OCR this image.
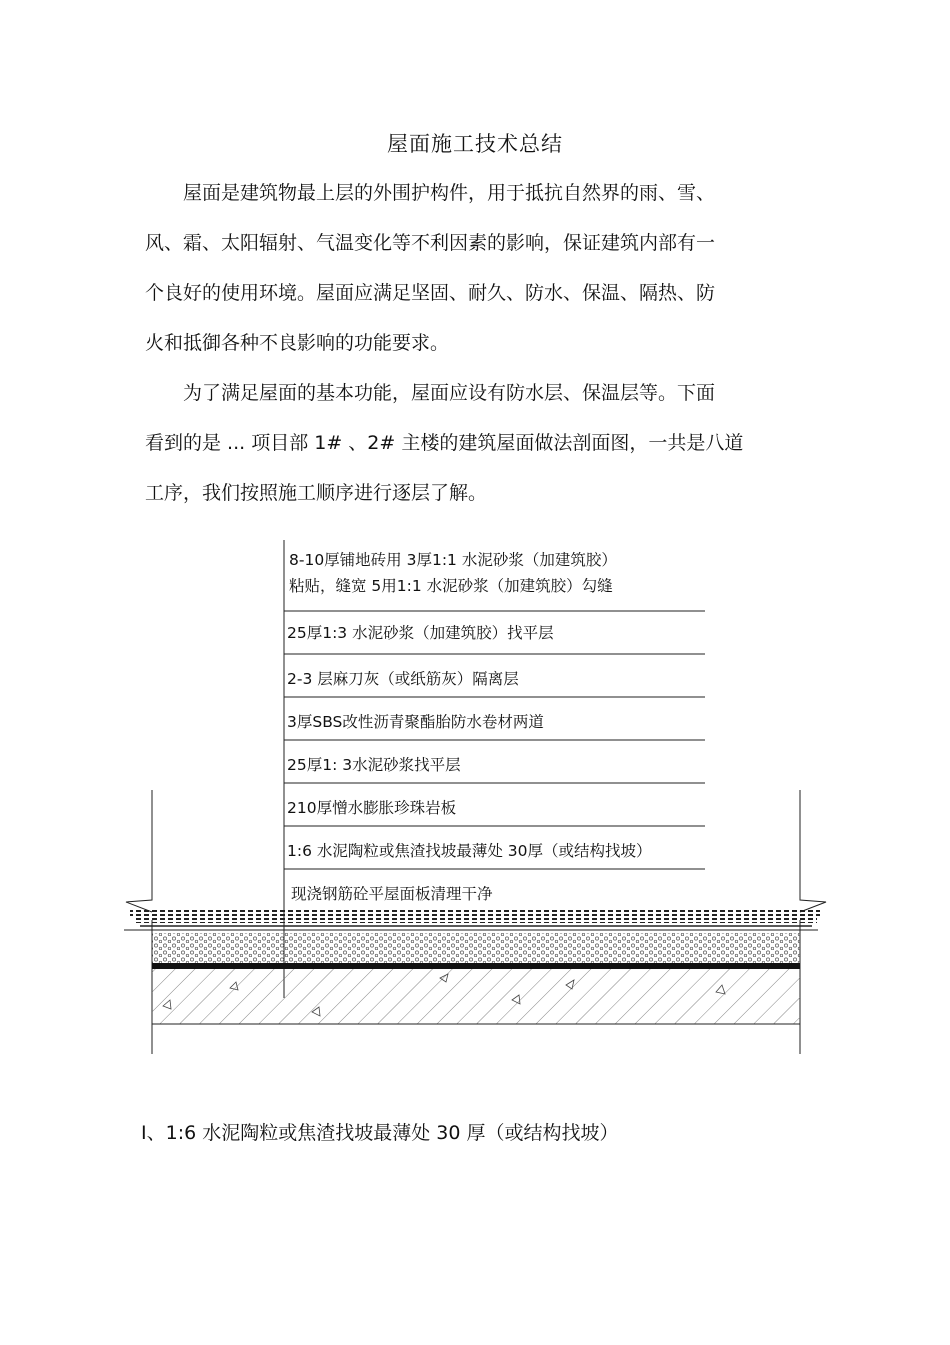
屋面施工技术总结

屋面是建筑物最上层的外围护构件，用于抵抗自然界的雨、雪、
风、霜、太阳辐射、气温变化等不利因素的影响，保证建筑内部有一
个良好的使用环境。屋面应满足坚固、耐久、防水、保温、隔热、防
火和抵御各种不良影响的功能要求。

为了满足屋面的基本功能，屋面应设有防水层、保温层等。下面
看到的是 ... 项目部 1# 、2# 主楼的建筑屋面做法剖面图，一共是八道
工序，我们按照施工顺序进行逐层了解。

8-10厚铺地砖用 3厚1:1 水泥砂浆（加建筑胶）
粘贴，缝宽 5用1:1 水泥砂浆（加建筑胶）勾缝
25厚1:3 水泥砂浆（加建筑胶）找平层
2-3 层麻刀灰（或纸筋灰）隔离层
3厚SBS改性沥青聚酯胎防水卷材两道
25厚1: 3水泥砂浆找平层
210厚憎水膨胀珍珠岩板
1:6 水泥陶粒或焦渣找坡最薄处 30厚（或结构找坡）
现浇钢筋砼平屋面板清理干净
I、1:6 水泥陶粒或焦渣找坡最薄处 30 厚（或结构找坡）
